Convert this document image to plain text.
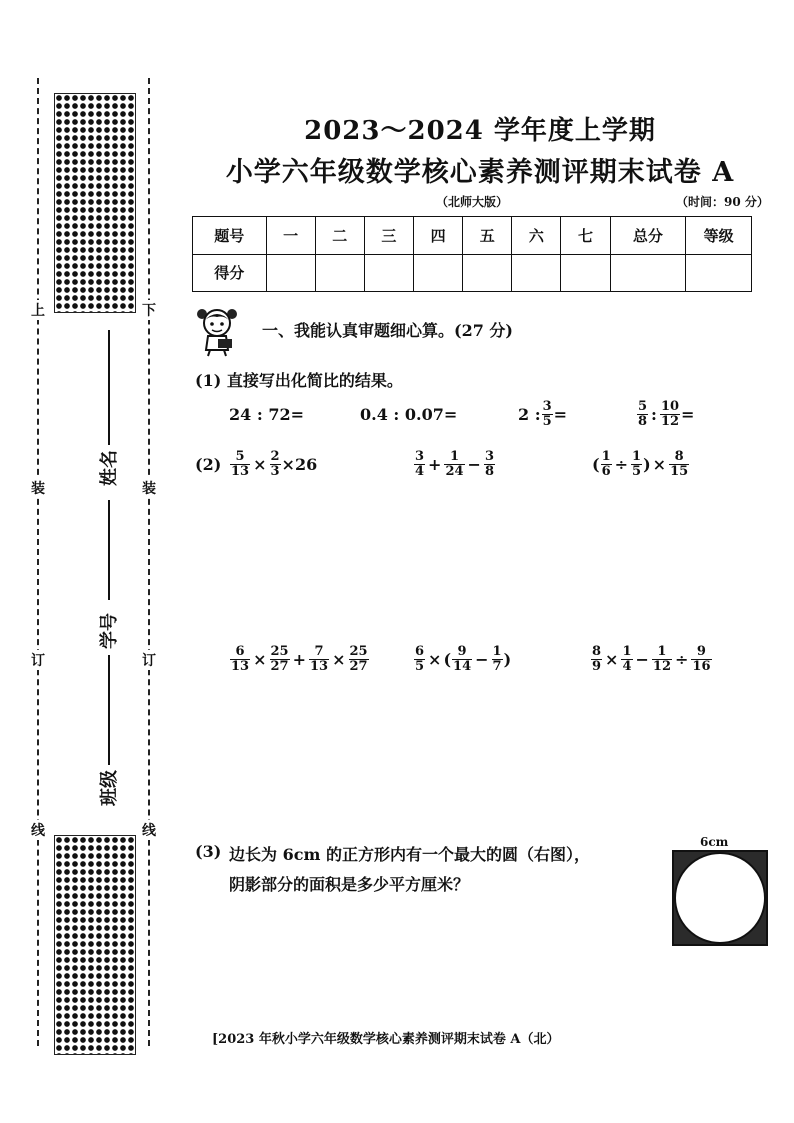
上
装
订
线
下
装
订
线
姓名
学号
班级
2023～2024 学年度上学期
小学六年级数学核心素养测评期末试卷 A
（北师大版）	（时间：90 分）
题号	一	二	三	四	五	六	七	总分	等级
得分									
一、我能认真审题细心算。(27 分)
(1) 直接写出化简比的结果。
24 : 72=	0.4 : 0.07=	2 : $\frac{3}{5}$ =	$\frac{5}{8}$ : $\frac{10}{12}$ =
$(2) \frac{5}{13} \times \frac{2}{3} \times 26$	$\frac{3}{4} + \frac{1}{24} - \frac{3}{8}$	( $\frac{1}{6} \div \frac{1}{5}$ ) × $\frac{8}{15}$
$\frac{6}{13} \times \frac{25}{27} + \frac{7}{13} \times \frac{25}{27}$	$\frac{6}{5}$ × ( $\frac{9}{14} - \frac{1}{7}$ )	$\frac{8}{9} \times \frac{1}{4} - \frac{1}{12} \div \frac{9}{16}$
(3) 边长为 6cm 的正方形内有一个最大的圆（右图），
阴影部分的面积是多少平方厘米？
6cm
[2023 年秋小学六年级数学核心素养测评期末试卷 A（北）
